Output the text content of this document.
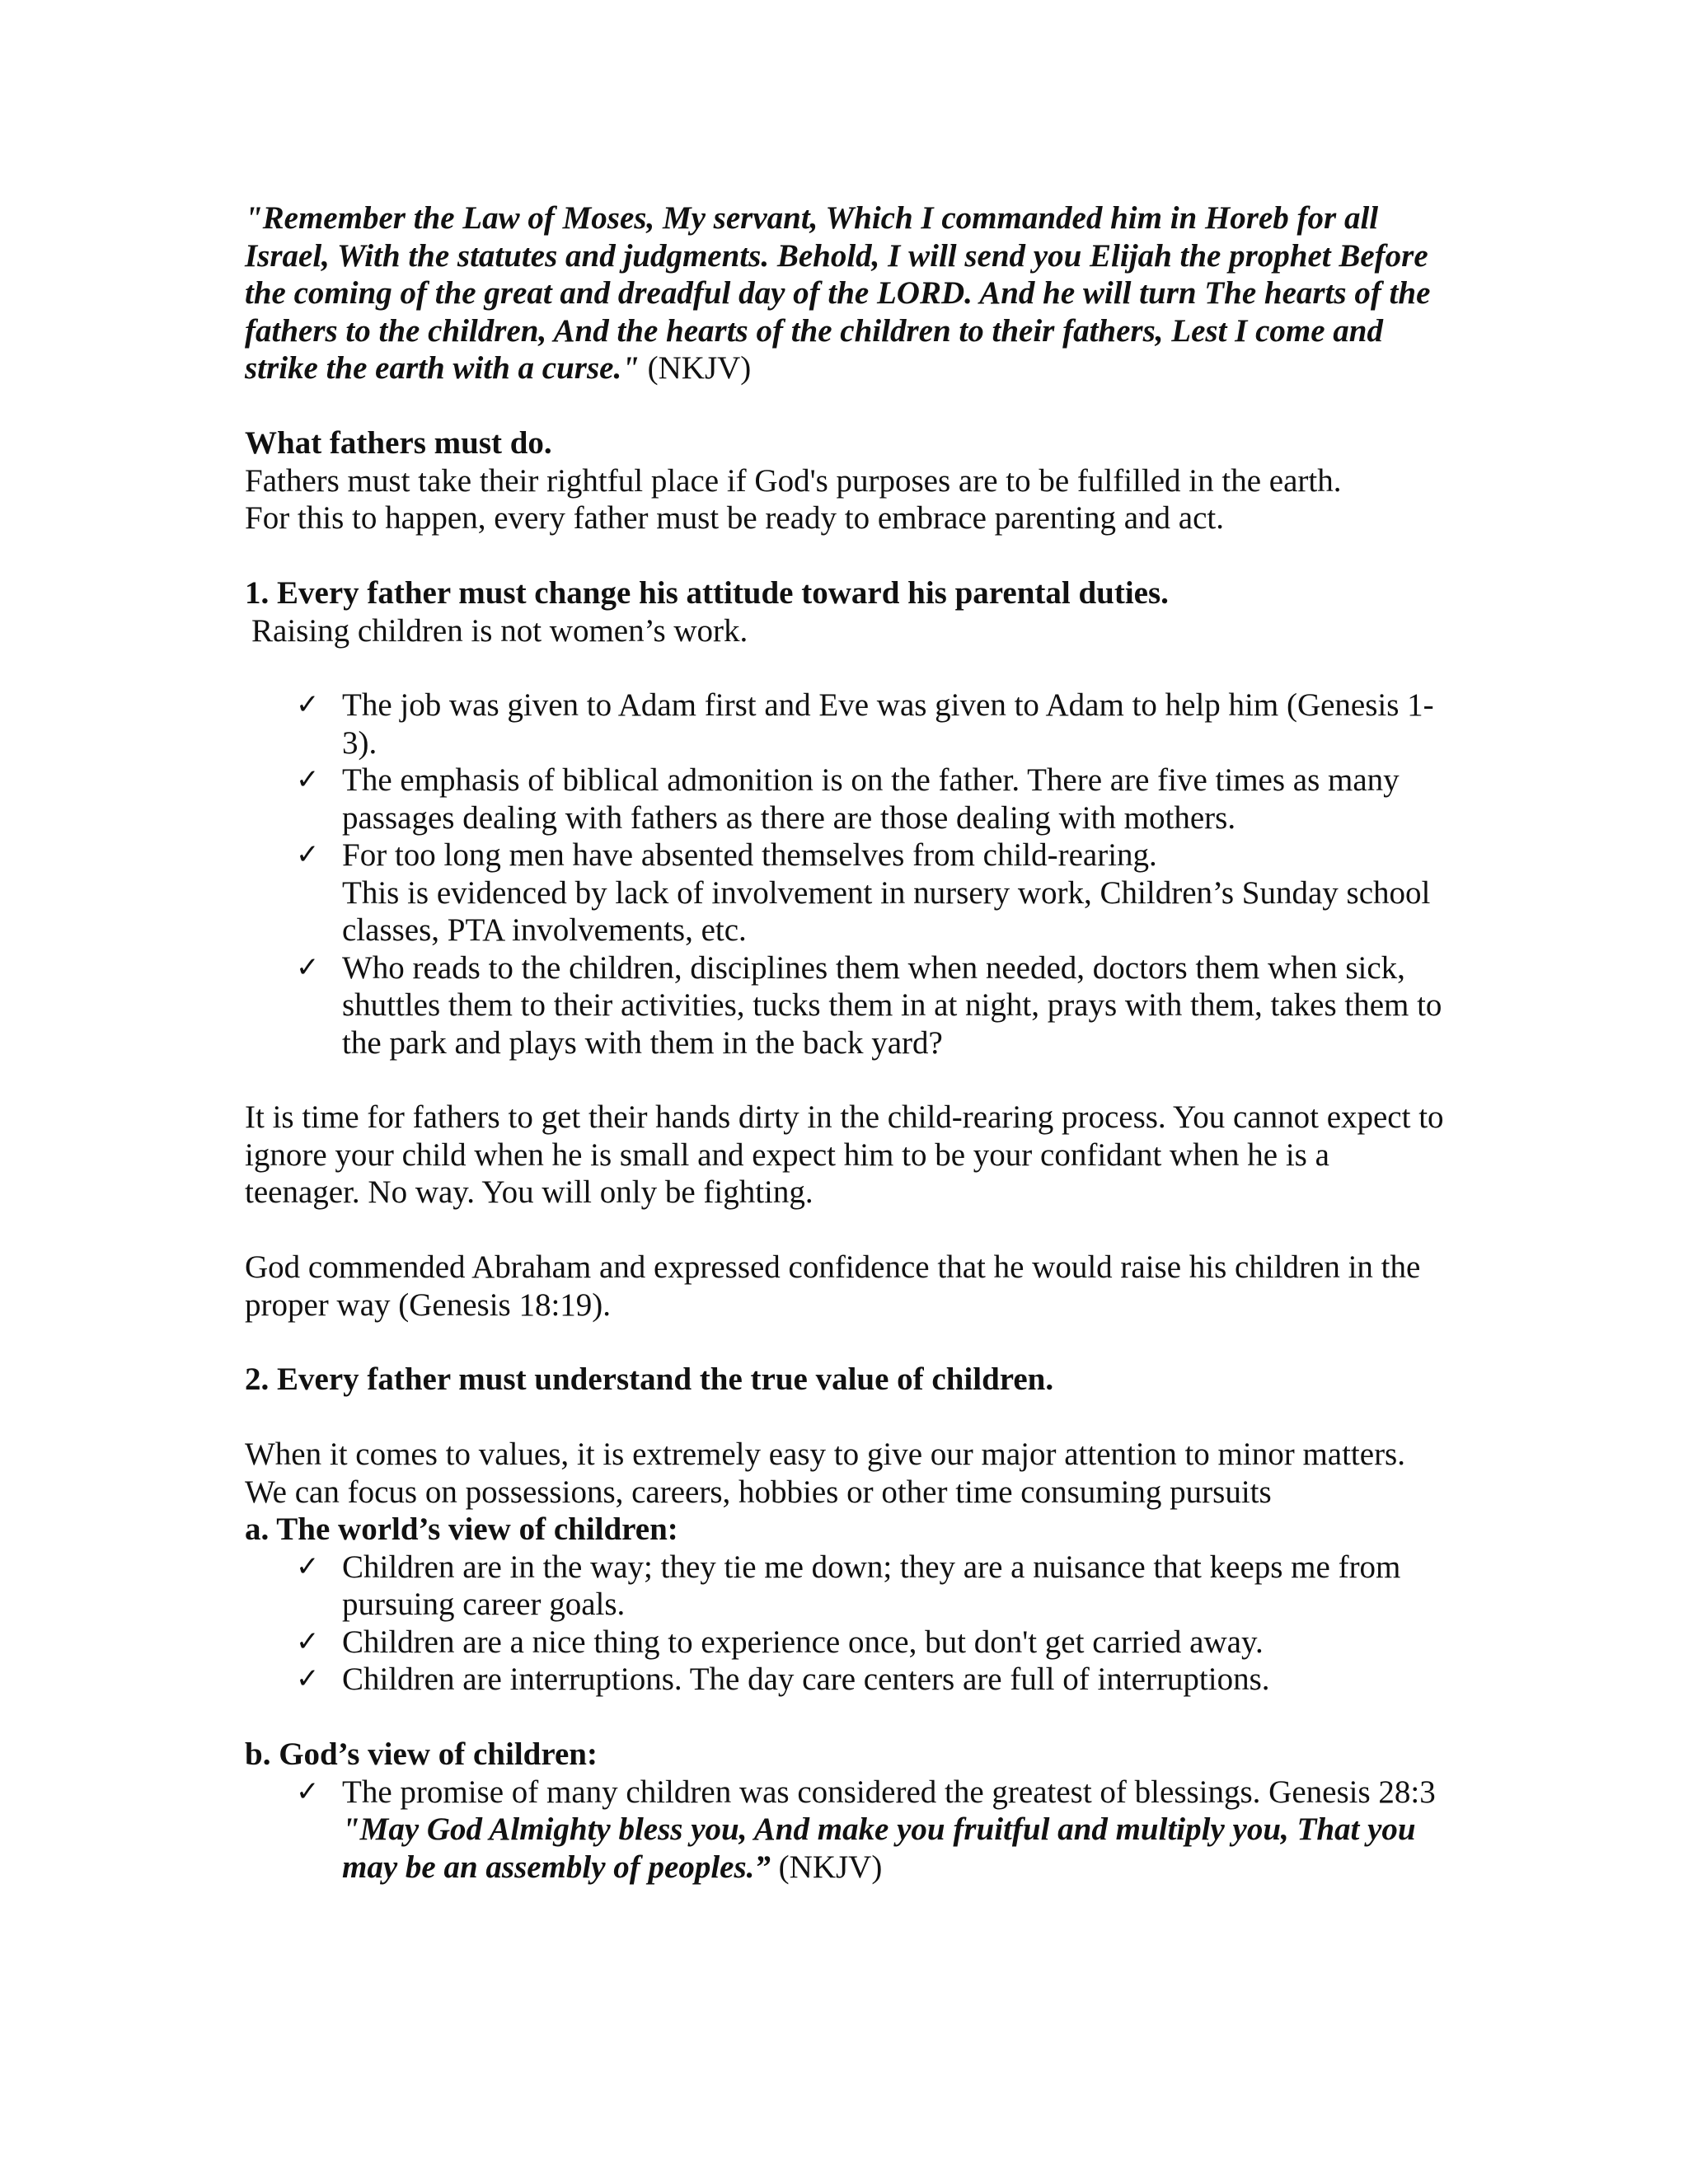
"Remember the Law of Moses, My servant, Which I commanded him in Horeb for all Israel, With the statutes and judgments. Behold, I will send you Elijah the prophet Before the coming of the great and dreadful day of the LORD. And he will turn The hearts of the fathers to the children, And the hearts of the children to their fathers, Lest I come and strike the earth with a curse." (NKJV)

What fathers must do.

Fathers must take their rightful place if God's purposes are to be fulfilled in the earth.

For this to happen, every father must be ready to embrace parenting and act.

1. Every father must change his attitude toward his parental duties.

Raising children is not women’s work.

✓ The job was given to Adam first and Eve was given to Adam to help him (Genesis 1-3).
✓ The emphasis of biblical admonition is on the father. There are five times as many passages dealing with fathers as there are those dealing with mothers.
✓ For too long men have absented themselves from child-rearing.
This is evidenced by lack of involvement in nursery work, Children’s Sunday school classes, PTA involvements, etc.
✓ Who reads to the children, disciplines them when needed, doctors them when sick, shuttles them to their activities, tucks them in at night, prays with them, takes them to the park and plays with them in the back yard?

It is time for fathers to get their hands dirty in the child-rearing process. You cannot expect to ignore your child when he is small and expect him to be your confidant when he is a teenager. No way. You will only be fighting.

God commended Abraham and expressed confidence that he would raise his children in the proper way (Genesis 18:19).

2. Every father must understand the true value of children.

When it comes to values, it is extremely easy to give our major attention to minor matters. We can focus on possessions, careers, hobbies or other time consuming pursuits

a. The world’s view of children:

✓ Children are in the way; they tie me down; they are a nuisance that keeps me from pursuing career goals.
✓ Children are a nice thing to experience once, but don't get carried away.
✓ Children are interruptions. The day care centers are full of interruptions.

b. God’s view of children:

✓ The promise of many children was considered the greatest of blessings. Genesis 28:3
"May God Almighty bless you, And make you fruitful and multiply you, That you may be an assembly of peoples.” (NKJV)
